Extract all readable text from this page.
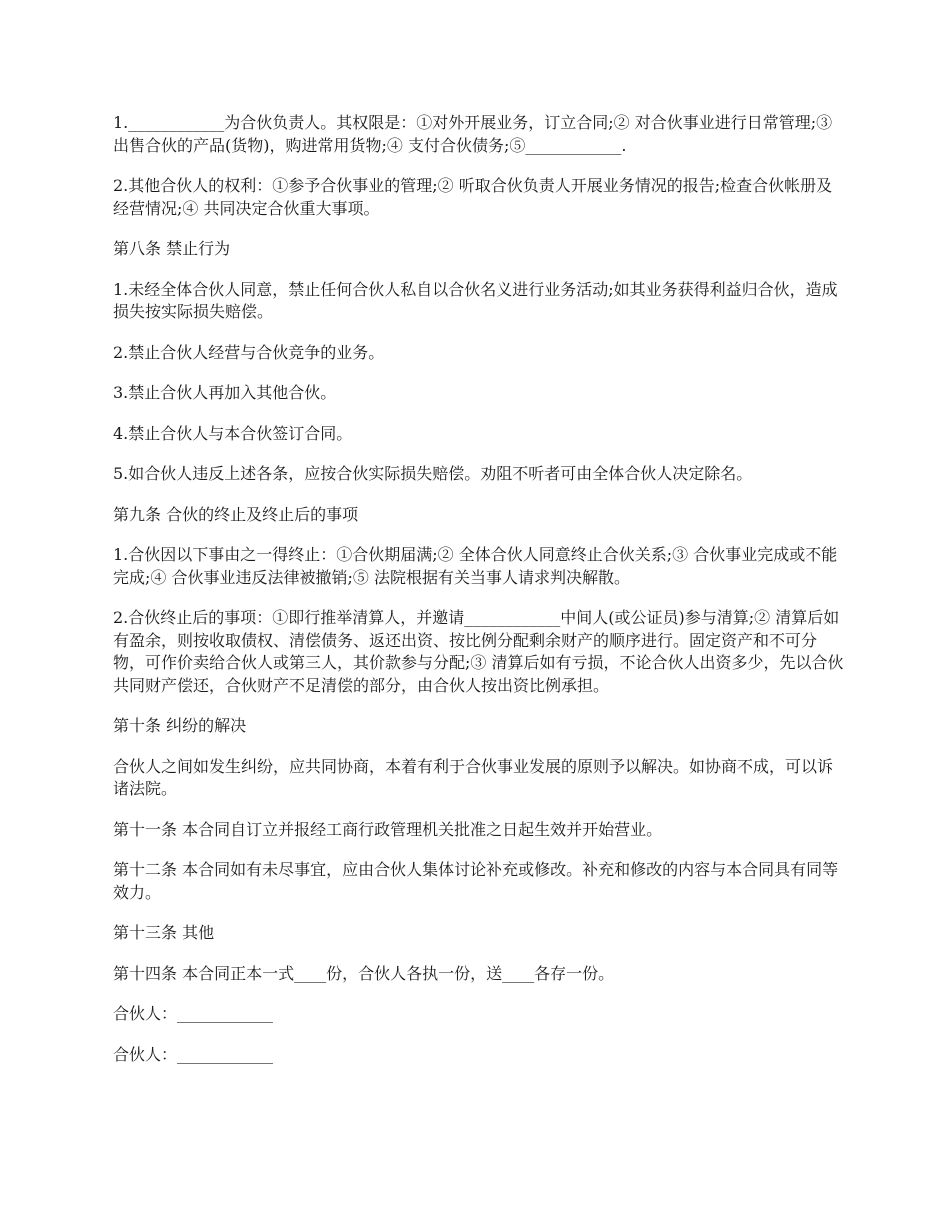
1.____________为合伙负责人。其权限是：①对外开展业务，订立合同;② 对合伙事业进行日常管理;③ 出售合伙的产品(货物)，购进常用货物;④ 支付合伙债务;⑤____________.

2.其他合伙人的权利：①参予合伙事业的管理;② 听取合伙负责人开展业务情况的报告;检查合伙帐册及经营情况;④ 共同决定合伙重大事项。

第八条 禁止行为

1.未经全体合伙人同意，禁止任何合伙人私自以合伙名义进行业务活动;如其业务获得利益归合伙，造成损失按实际损失赔偿。

2.禁止合伙人经营与合伙竞争的业务。

3.禁止合伙人再加入其他合伙。

4.禁止合伙人与本合伙签订合同。

5.如合伙人违反上述各条，应按合伙实际损失赔偿。劝阻不听者可由全体合伙人决定除名。

第九条 合伙的终止及终止后的事项

1.合伙因以下事由之一得终止：①合伙期届满;② 全体合伙人同意终止合伙关系;③ 合伙事业完成或不能完成;④ 合伙事业违反法律被撤销;⑤ 法院根据有关当事人请求判决解散。

2.合伙终止后的事项：①即行推举清算人，并邀请____________中间人(或公证员)参与清算;② 清算后如有盈余，则按收取债权、清偿债务、返还出资、按比例分配剩余财产的顺序进行。固定资产和不可分物，可作价卖给合伙人或第三人，其价款参与分配;③ 清算后如有亏损，不论合伙人出资多少，先以合伙共同财产偿还，合伙财产不足清偿的部分，由合伙人按出资比例承担。

第十条 纠纷的解决

合伙人之间如发生纠纷，应共同协商，本着有利于合伙事业发展的原则予以解决。如协商不成，可以诉诸法院。

第十一条 本合同自订立并报经工商行政管理机关批准之日起生效并开始营业。

第十二条 本合同如有未尽事宜，应由合伙人集体讨论补充或修改。补充和修改的内容与本合同具有同等效力。

第十三条 其他

第十四条 本合同正本一式____份，合伙人各执一份，送____各存一份。

合伙人：____________

合伙人：____________
